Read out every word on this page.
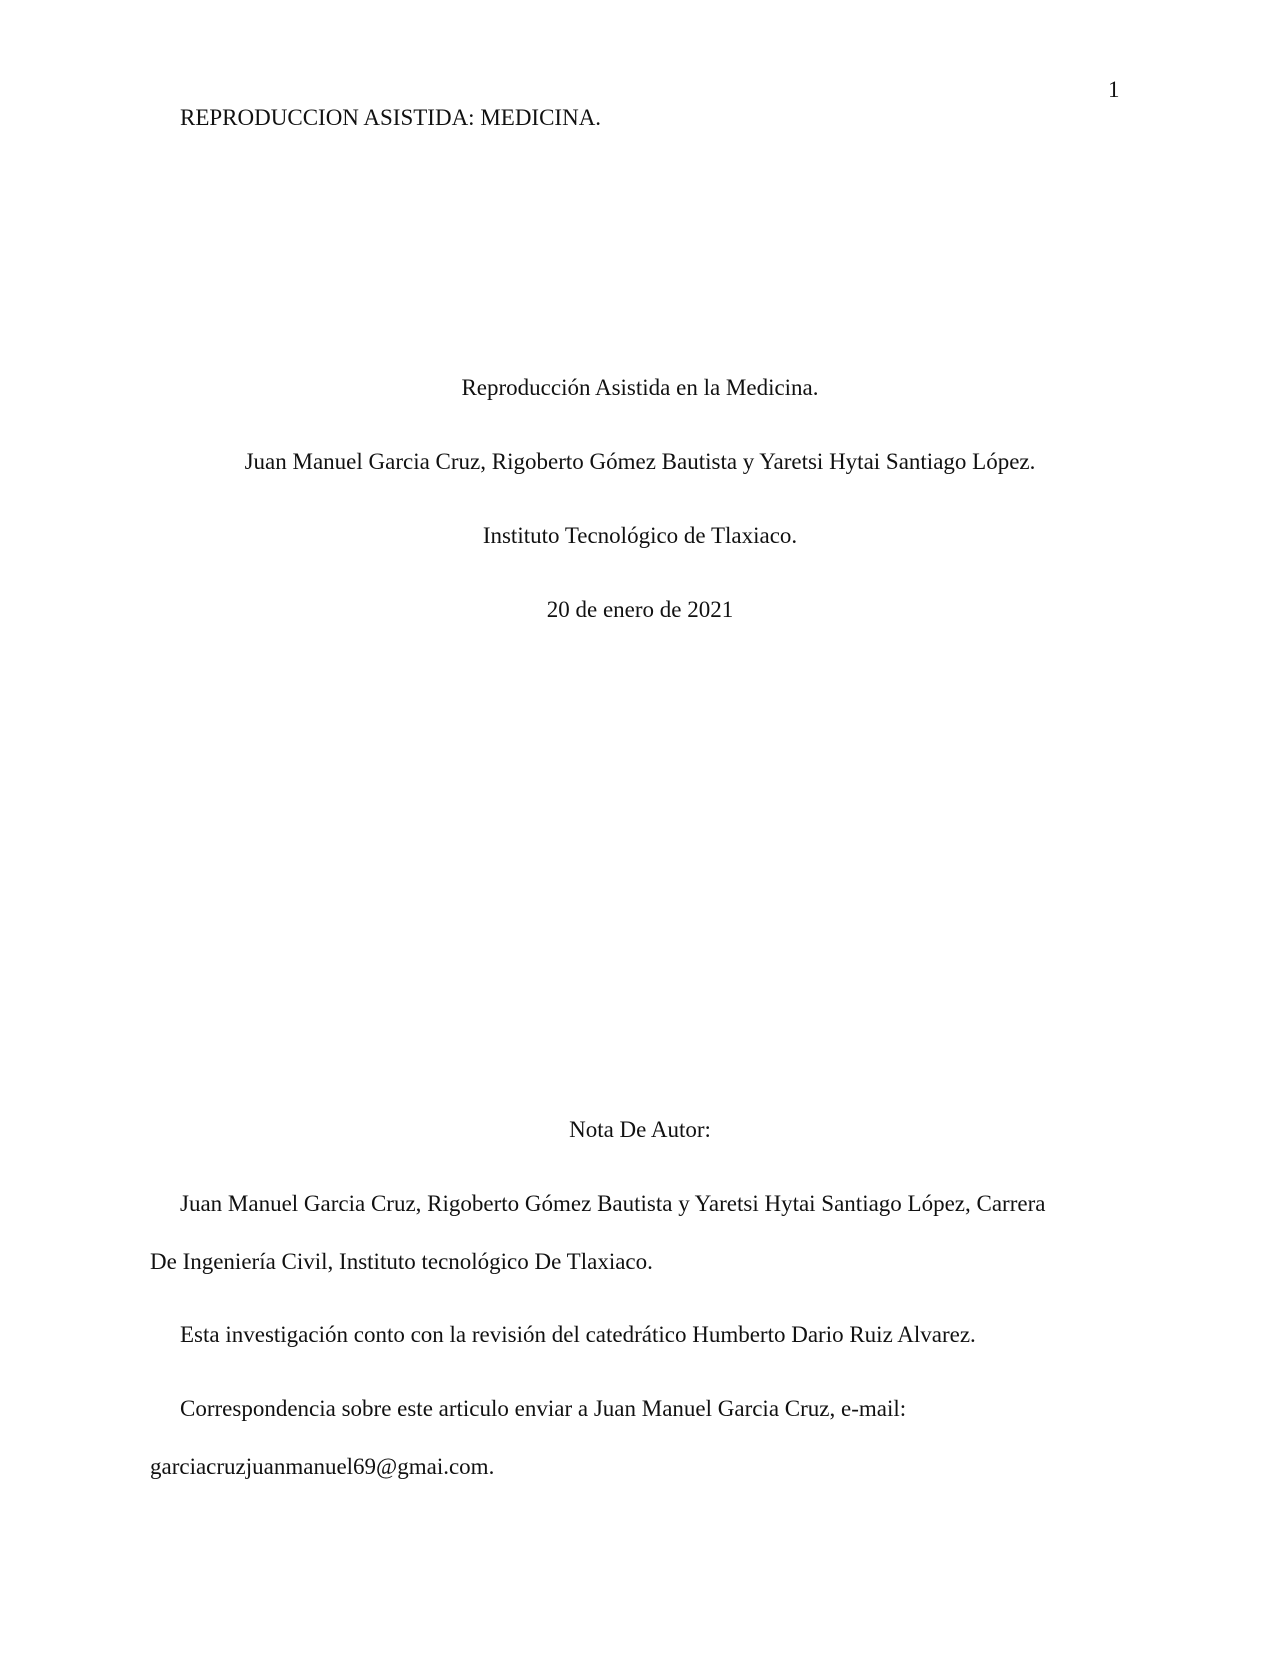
1
REPRODUCCION ASISTIDA: MEDICINA.
Reproducción Asistida en la Medicina.
Juan Manuel Garcia Cruz, Rigoberto Gómez Bautista y Yaretsi Hytai Santiago López.
Instituto Tecnológico de Tlaxiaco.
20 de enero de 2021
Nota De Autor:
Juan Manuel Garcia Cruz, Rigoberto Gómez Bautista y Yaretsi Hytai Santiago López, Carrera
De Ingeniería Civil, Instituto tecnológico De Tlaxiaco.
Esta investigación conto con la revisión del catedrático Humberto Dario Ruiz Alvarez.
Correspondencia sobre este articulo enviar a Juan Manuel Garcia Cruz, e-mail:
garciacruzjuanmanuel69@gmai.com.
